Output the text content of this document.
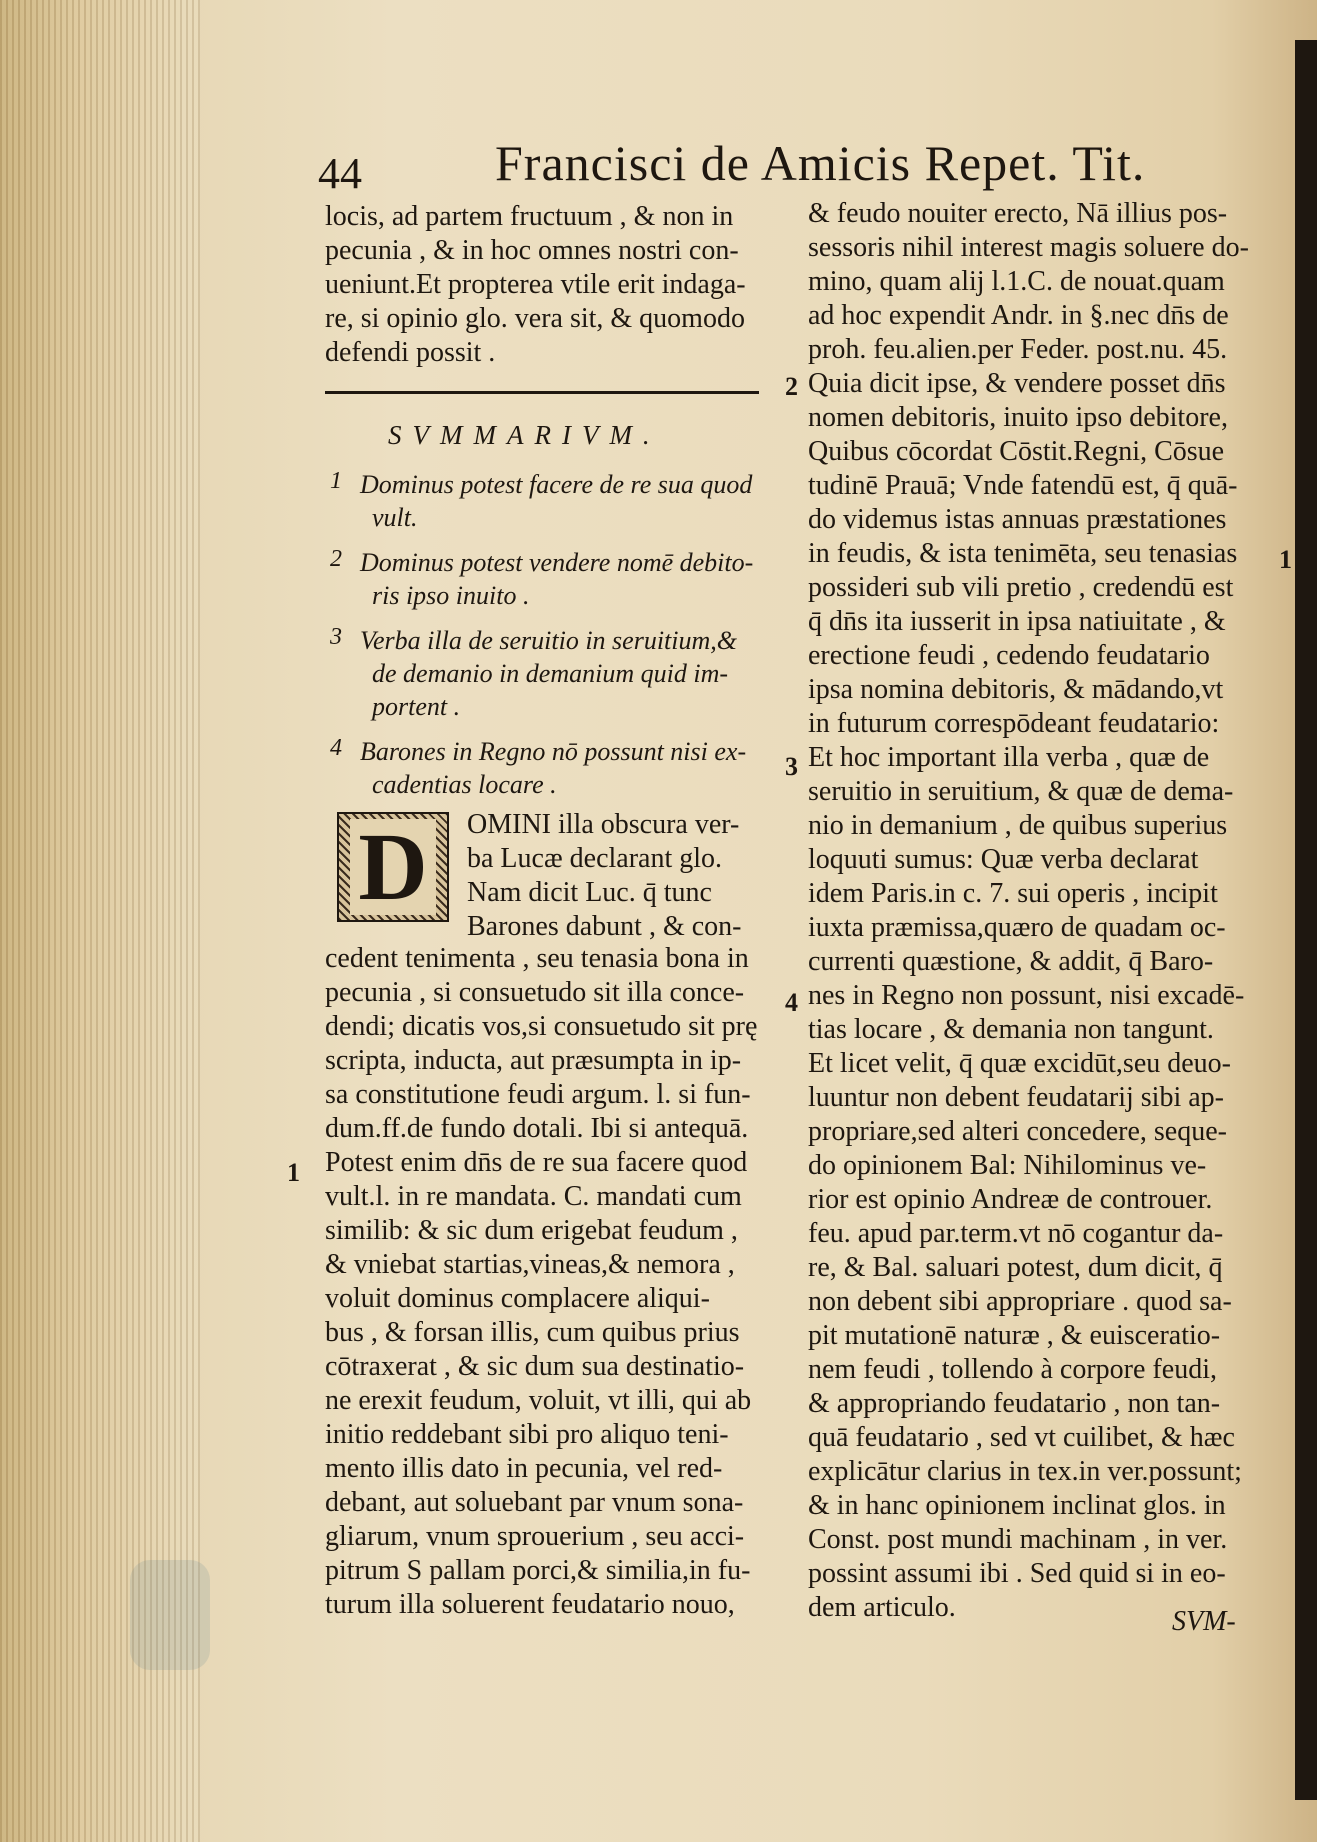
44	Francisci de Amicis Repet. Tit.
locis, ad partem fructuum , & non in
pecunia , & in hoc omnes nostri con-
ueniunt.Et propterea vtile erit indaga-
re, si opinio glo. vera sit, & quomodo
defendi possit .
SVMMARIVM.
1 Dominus potest facere de re sua quod
vult.
2 Dominus potest vendere nomē debito-
ris ipso inuito .
3 Verba illa de seruitio in seruitium,&
de demanio in demanium quid im-
portent .
4 Barones in Regno nō possunt nisi ex-
cadentias locare .
D OMINI illa obscura ver-
ba Lucæ declarant glo.
Nam dicit Luc. q̄ tunc
Barones dabunt , & con-
cedent tenimenta , seu tenasia bona in
pecunia , si consuetudo sit illa conce-
dendi; dicatis vos,si consuetudo sit prę
scripta, inducta, aut præsumpta in ip-
sa constitutione feudi argum. l. si fun-
dum.ff.de fundo dotali. Ibi si antequā.
Potest enim dn̄s de re sua facere quod
vult.l. in re mandata. C. mandati cum
similib: & sic dum erigebat feudum ,
& vniebat startias,vineas,& nemora ,
voluit dominus complacere aliqui-
bus , & forsan illis, cum quibus prius
cōtraxerat , & sic dum sua destinatio-
ne erexit feudum, voluit, vt illi, qui ab
initio reddebant sibi pro aliquo teni-
mento illis dato in pecunia, vel red-
debant, aut soluebant par vnum sona-
gliarum, vnum sprouerium , seu acci-
pitrum S pallam porci,& similia,in fu-
turum illa soluerent feudatario nouo,
& feudo nouiter erecto, Nā illius pos-
sessoris nihil interest magis soluere do-
mino, quam alij l.1.C. de nouat.quam
ad hoc expendit Andr. in §.nec dn̄s de
proh. feu.alien.per Feder. post.nu. 45.
Quia dicit ipse, & vendere posset dn̄s
nomen debitoris, inuito ipso debitore,
Quibus cōcordat Cōstit.Regni, Cōsue
tudinē Prauā; Vnde fatendū est, q̄ quā-
do videmus istas annuas præstationes
in feudis, & ista tenimēta, seu tenasias
possideri sub vili pretio , credendū est
q̄ dn̄s ita iusserit in ipsa natiuitate , &
erectione feudi , cedendo feudatario
ipsa nomina debitoris, & mādando,vt
in futurum correspōdeant feudatario:
Et hoc important illa verba , quæ de
seruitio in seruitium, & quæ de dema-
nio in demanium , de quibus superius
loquuti sumus: Quæ verba declarat
idem Paris.in c. 7. sui operis , incipit
iuxta præmissa,quæro de quadam oc-
currenti quæstione, & addit, q̄ Baro-
nes in Regno non possunt, nisi excadē-
tias locare , & demania non tangunt.
Et licet velit, q̄ quæ excidūt,seu deuo-
luuntur non debent feudatarij sibi ap-
propriare,sed alteri concedere, seque-
do opinionem Bal: Nihilominus ve-
rior est opinio Andreæ de controuer.
feu. apud par.term.vt nō cogantur da-
re, & Bal. saluari potest, dum dicit, q̄
non debent sibi appropriare . quod sa-
pit mutationē naturæ , & euisceratio-
nem feudi , tollendo à corpore feudi,
& appropriando feudatario , non tan-
quā feudatario , sed vt cuilibet, & hæc
explicātur clarius in tex.in ver.possunt;
& in hanc opinionem inclinat glos. in
Const. post mundi machinam , in ver.
possint assumi ibi . Sed quid si in eo-
dem articulo.
1
2
3
4
1
SVM-
